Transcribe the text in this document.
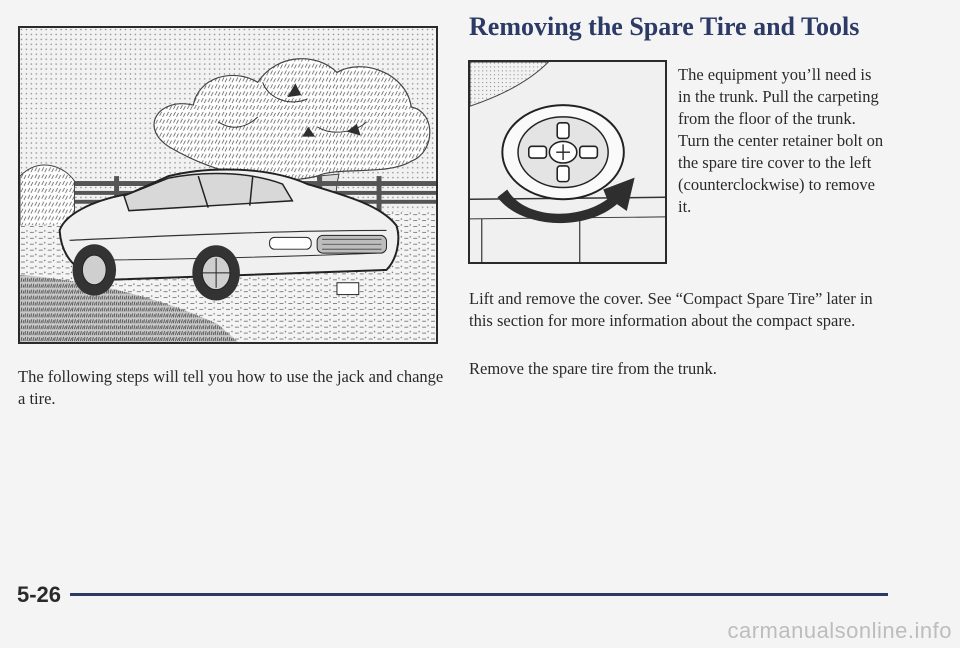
Removing the Spare Tire and Tools

The equipment you’ll need is in the trunk. Pull the carpeting from the floor of the trunk. Turn the center retainer bolt on the spare tire cover to the left (counterclockwise) to remove it.

The following steps will tell you how to use the jack and change a tire.

Lift and remove the cover. See “Compact Spare Tire” later in this section for more information about the compact spare.

Remove the spare tire from the trunk.

5-26

carmanualsonline.info
